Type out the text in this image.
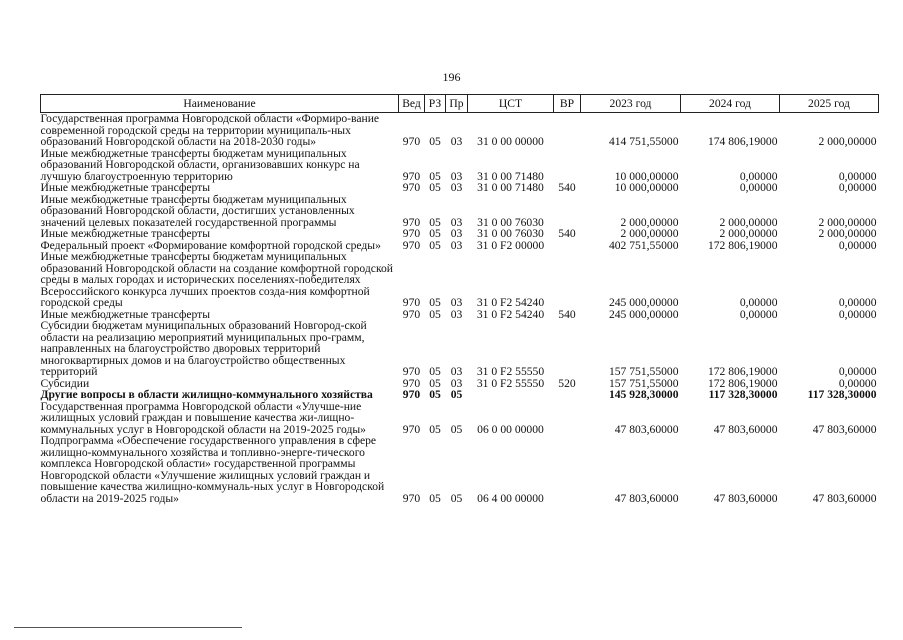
196
Наименование	Вед	РЗ	Пр	ЦСТ	ВР	2023 год	2024 год	2025 год
Государственная программа Новгородской области «Формиро-вание современной городской среды на территории муниципаль-ных образований Новгородской области на 2018-2030 годы»	970	05	03	31 0 00 00000		414 751,55000	174 806,19000	2 000,00000
Иные межбюджетные трансферты бюджетам муниципальных образований Новгородской области, организовавших конкурс на лучшую благоустроенную территорию	970	05	03	31 0 00 71480		10 000,00000	0,00000	0,00000
Иные межбюджетные трансферты	970	05	03	31 0 00 71480	540	10 000,00000	0,00000	0,00000
Иные межбюджетные трансферты бюджетам муниципальных образований Новгородской области, достигших установленных значений целевых показателей государственной программы	970	05	03	31 0 00 76030		2 000,00000	2 000,00000	2 000,00000
Иные межбюджетные трансферты	970	05	03	31 0 00 76030	540	2 000,00000	2 000,00000	2 000,00000
Федеральный проект «Формирование комфортной городской среды»	970	05	03	31 0 F2 00000		402 751,55000	172 806,19000	0,00000
Иные межбюджетные трансферты бюджетам муниципальных образований Новгородской области на создание комфортной городской среды в малых городах и исторических поселениях-победителях Всероссийского конкурса лучших проектов созда-ния комфортной городской среды	970	05	03	31 0 F2 54240		245 000,00000	0,00000	0,00000
Иные межбюджетные трансферты	970	05	03	31 0 F2 54240	540	245 000,00000	0,00000	0,00000
Субсидии бюджетам муниципальных образований Новгород-ской области на реализацию мероприятий муниципальных про-грамм, направленных на благоустройство дворовых территорий многоквартирных домов и на благоустройство общественных территорий	970	05	03	31 0 F2 55550		157 751,55000	172 806,19000	0,00000
Субсидии	970	05	03	31 0 F2 55550	520	157 751,55000	172 806,19000	0,00000
Другие вопросы в области жилищно-коммунального хозяйства	970	05	05			145 928,30000	117 328,30000	117 328,30000
Государственная программа Новгородской области «Улучше-ние жилищных условий граждан и повышение качества жи-лищно-коммунальных услуг в Новгородской области на 2019-2025 годы»	970	05	05	06 0 00 00000		47 803,60000	47 803,60000	47 803,60000
Подпрограмма «Обеспечение государственного управления в сфере жилищно-коммунального хозяйства и топливно-энерге-тического комплекса Новгородской области» государственной программы Новгородской области «Улучшение жилищных условий граждан и повышение качества жилищно-коммуналь-ных услуг в Новгородской области на 2019-2025 годы»	970	05	05	06 4 00 00000		47 803,60000	47 803,60000	47 803,60000
